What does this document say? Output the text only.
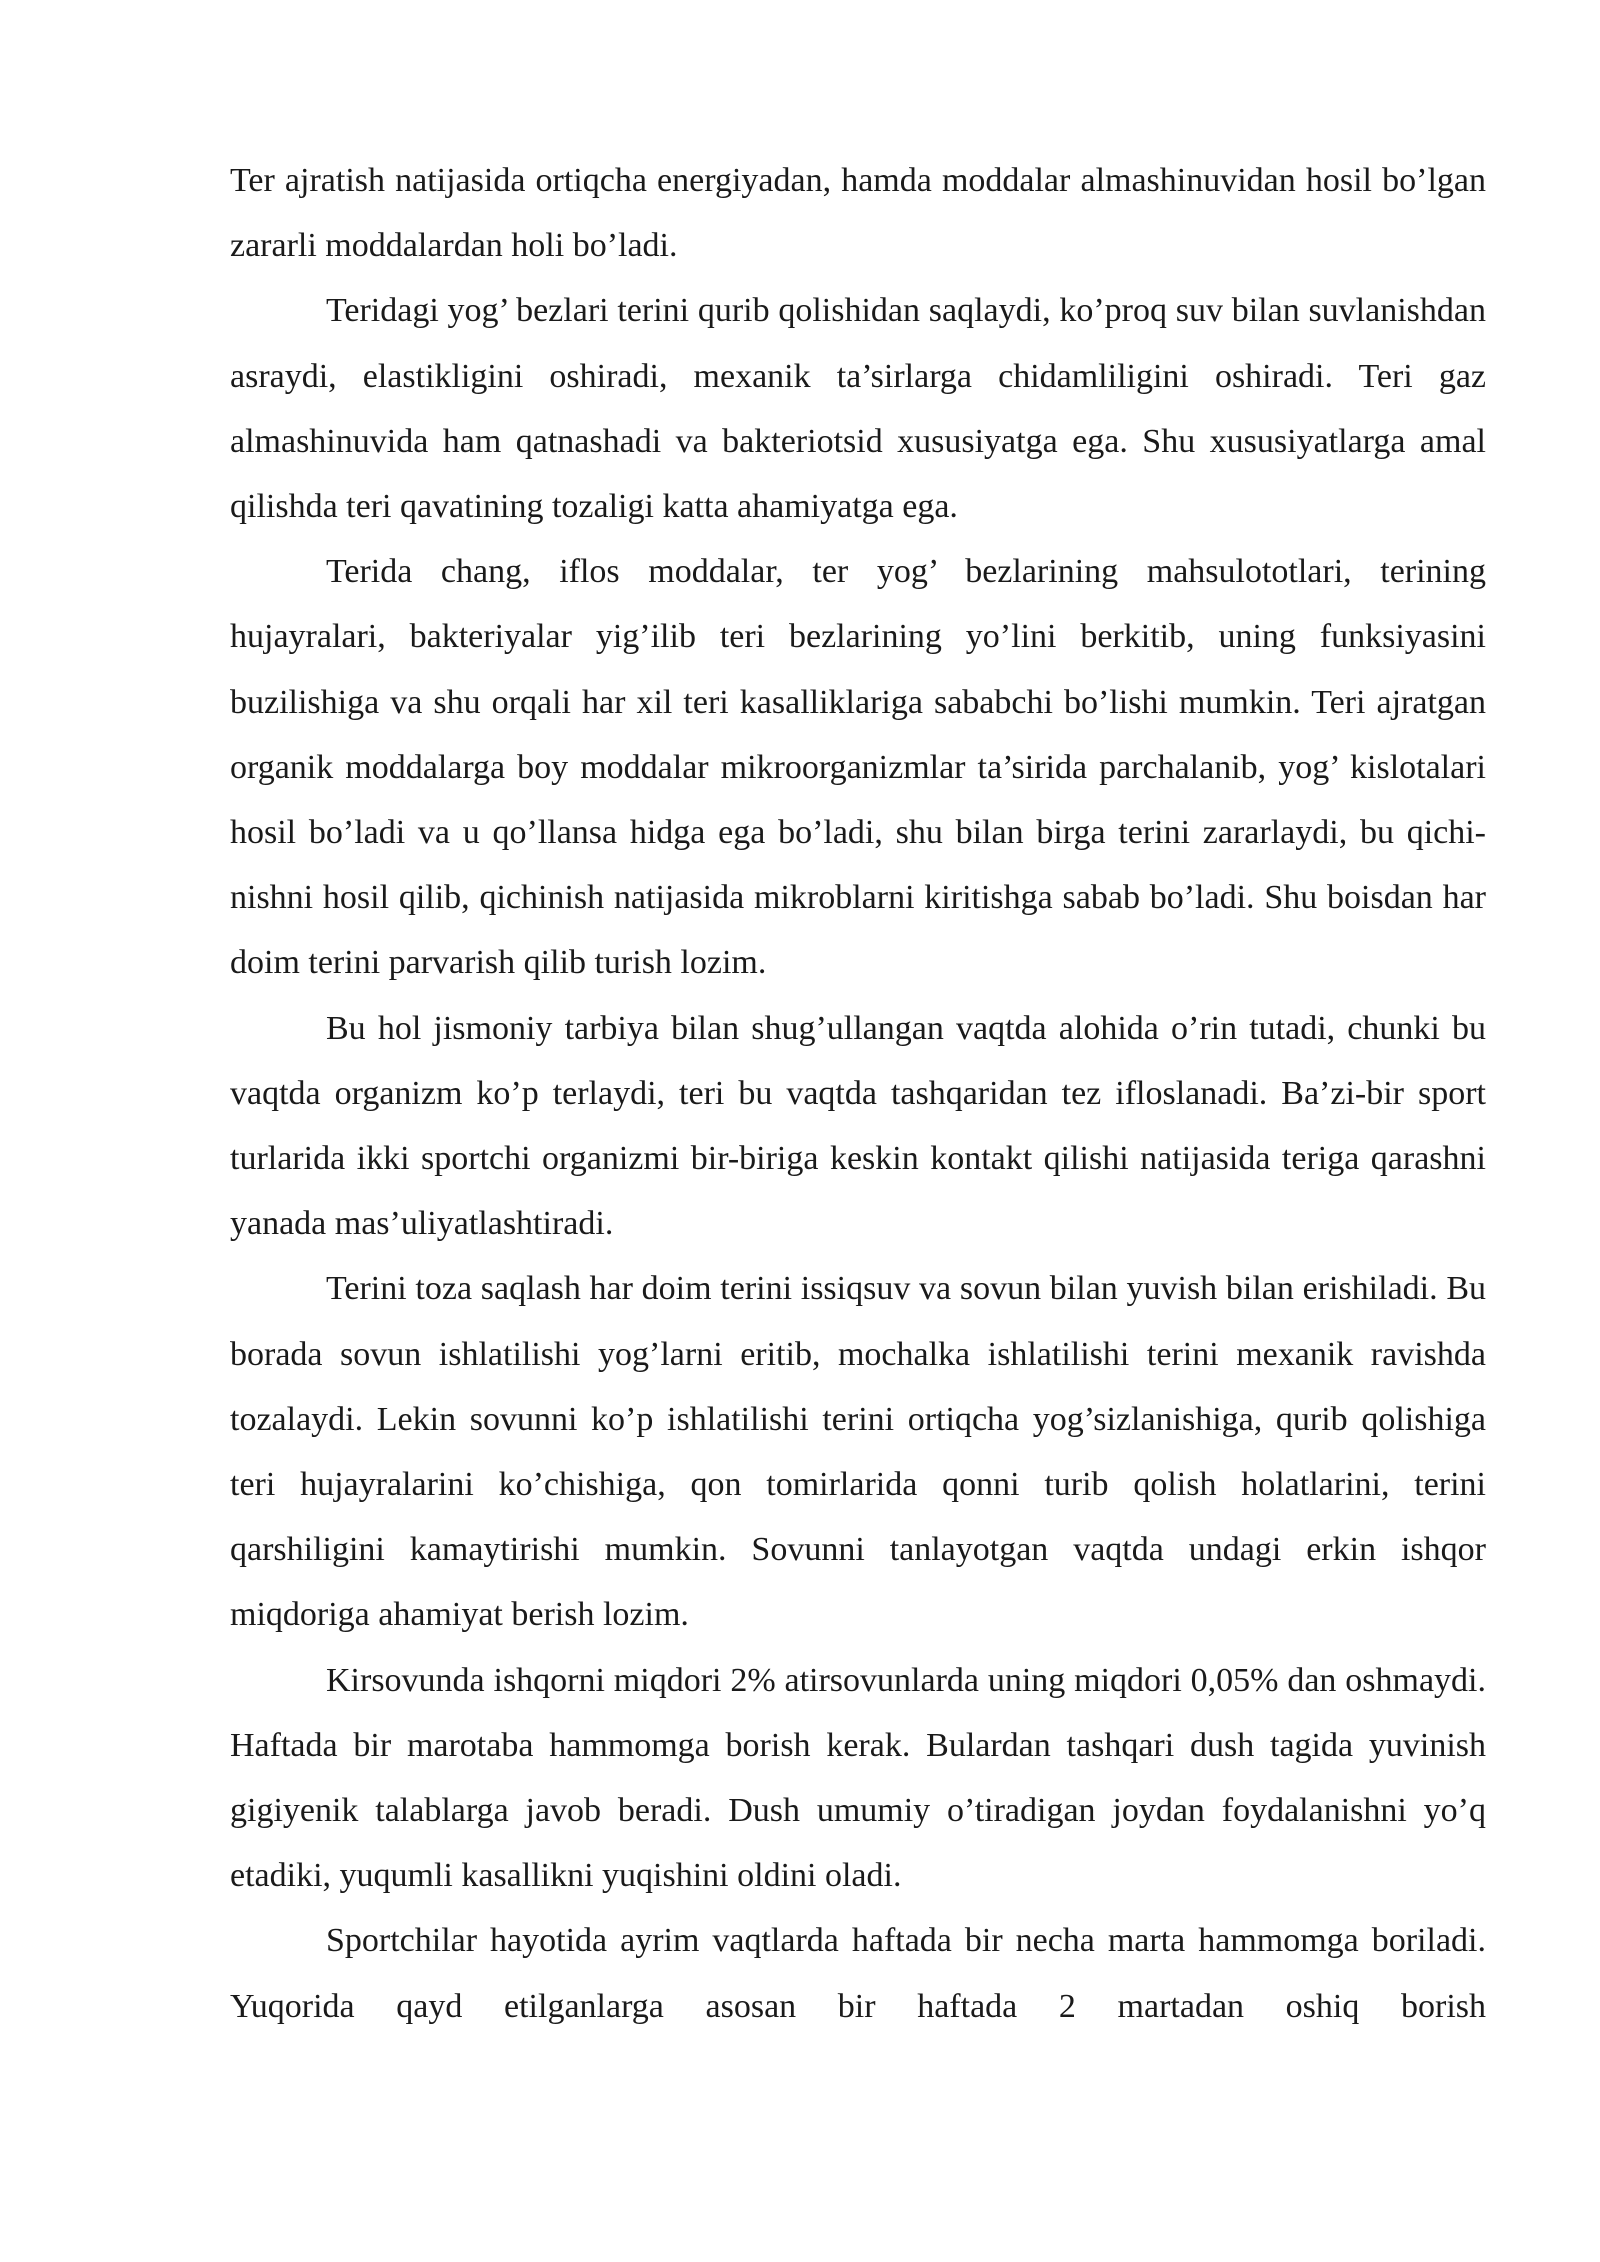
Ter ajratish natijasida ortiqcha energiyadan, hamda moddalar almashinuvidan hosil bo’lgan zararli moddalardan holi bo’ladi.

Teridagi yog’ bezlari terini qurib qolishidan saqlaydi, ko’proq suv bilan suvlanishdan asraydi, elastikligini oshiradi, mexanik ta’sirlarga chidamliligini oshiradi. Teri gaz almashinuvida ham qatnashadi va bakteriotsid xususiyatga ega. Shu xususiyatlarga amal qilishda teri qavatining tozaligi katta ahamiyatga ega.

Terida chang, iflos moddalar, ter yog’ bezlarining mahsulototlari, terining hujayralari, bakteriyalar yig’ilib teri bezlarining yo’lini berkitib, uning funksiyasini buzilishiga va shu orqali har xil teri kasalliklariga sababchi bo’lishi mumkin. Teri ajratgan organik moddalarga boy moddalar mikroorganizmlar ta’sirida parchalanib, yog’ kislotalari hosil bo’ladi va u qo’llansa hidga ega bo’ladi, shu bilan birga terini zararlaydi, bu qichi-nishni hosil qilib, qichinish natijasida mikroblarni kiritishga sabab bo’ladi. Shu boisdan har doim terini parvarish qilib turish lozim.

Bu hol jismoniy tarbiya bilan shug’ullangan vaqtda alohida o’rin tutadi, chunki bu vaqtda organizm ko’p terlaydi, teri bu vaqtda tashqaridan tez ifloslanadi. Ba’zi-bir sport turlarida ikki sportchi organizmi bir-biriga keskin kontakt qilishi natijasida teriga qarashni yanada mas’uliyatlashtiradi.

Terini toza saqlash har doim terini issiqsuv va sovun bilan yuvish bilan erishiladi. Bu borada sovun ishlatilishi yog’larni eritib, mochalka ishlatilishi terini mexanik ravishda tozalaydi. Lekin sovunni ko’p ishlatilishi terini ortiqcha yog’sizlanishiga, qurib qolishiga teri hujayralarini ko’chishiga, qon tomirlarida qonni turib qolish holatlarini, terini qarshiligini kamaytirishi mumkin. Sovunni tanlayotgan vaqtda undagi erkin ishqor miqdoriga ahamiyat berish lozim.

Kirsovunda ishqorni miqdori 2% atirsovunlarda uning miqdori 0,05% dan oshmaydi. Haftada bir marotaba hammomga borish kerak. Bulardan tashqari dush tagida yuvinish gigiyenik talablarga javob beradi. Dush umumiy o’tiradigan joydan foydalanishni yo’q etadiki, yuqumli kasallikni yuqishini oldini oladi.

Sportchilar hayotida ayrim vaqtlarda haftada bir necha marta hammomga boriladi. Yuqorida qayd etilganlarga asosan bir haftada 2 martadan oshiq borish
